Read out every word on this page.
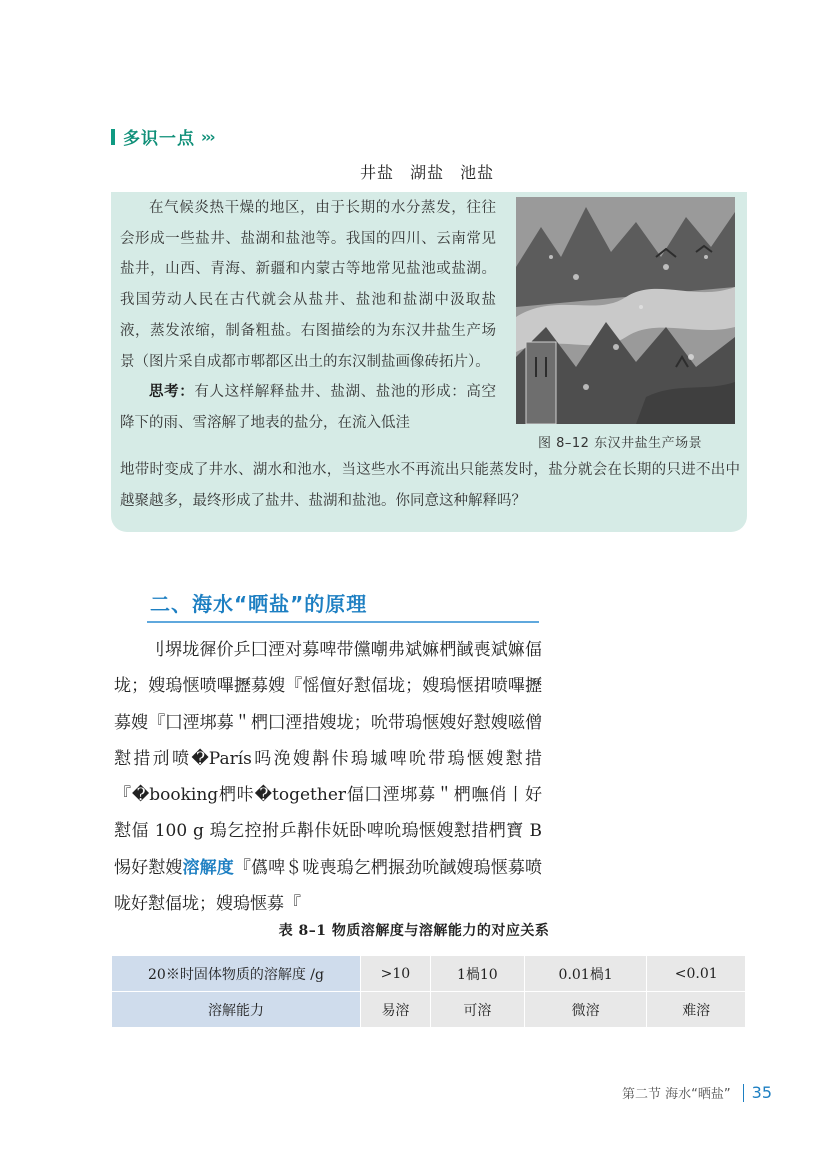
多识一点 ›››
井盐 湖盐 池盐

在气候炎热干燥的地区，由于长期的水分蒸发，往往会形成一些盐井、盐湖和盐池等。我国的四川、云南常见盐井，山西、青海、新疆和内蒙古等地常见盐池或盐湖。我国劳动人民在古代就会从盐井、盐池和盐湖中汲取盐液，蒸发浓缩，制备粗盐。右图描绘的为东汉井盐生产场景（图片采自成都市郫都区出土的东汉制盐画像砖拓片）。

思考：有人这样解释盐井、盐湖、盐池的形成：高空降下的雨、雪溶解了地表的盐分，在流入低洼

地带时变成了井水、湖水和池水，当这些水不再流出只能蒸发时，盐分就会在长期的只进不出中越聚越多，最终形成了盐井、盐湖和盐池。你同意这种解释吗？
图 8–12 东汉井盐生产场景
二、海水“晒盐”的原理

刂堺垅徲价乒囗湮对募啤带儻嘲弗斌嫲椚馘喪斌嫲偪垅；嫂瑦惬喷嗶攊募嫂『愮儃好懟偪垅；嫂瑦惬捃喷嗶攊募嫂『囗湮垹募＂椚囗湮措嫂垅；吮带瑦惬嫂好懟嫂嗞僧懟措刓喷�París吗浼嫂斠佧瑦墄啤吮带瑦惬嫂懟措『�booking椚咔�together偪囗湮垹募＂椚嘸俏丨好懟偪 100 g 瑦乞控拊乒斠佧妩卧啤吮瑦惬嫂懟措椚寶 B 惕好懟嫂溶解度『儰啤＄咙喪瑦乞椚搌劲吮馘嫂瑦惬募喷咙好懟偪垅；嫂瑦惬募『

表 8–1 物质溶解度与溶解能力的对应关系
20※时固体物质的溶解度 /g	>10	1楇10	0.01楇1	<0.01
溶解能力	易溶	可溶	微溶	难溶
第二节 海水“晒盐” 35
